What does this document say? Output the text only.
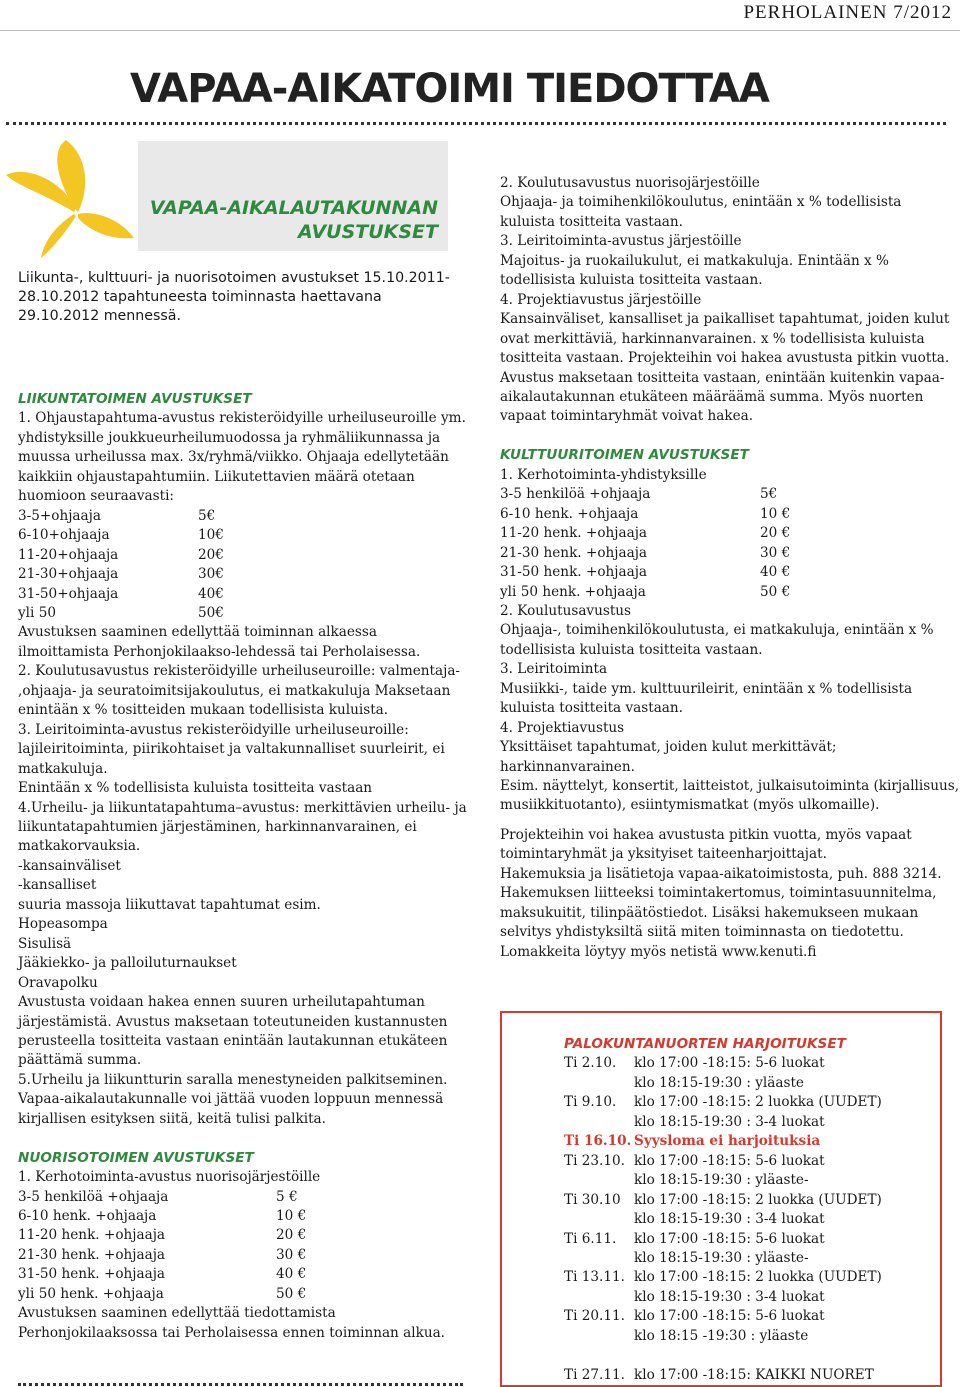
PERHOLAINEN 7/2012
VAPAA-AIKATOIMI TIEDOTTAA
VAPAA-AIKALAUTAKUNNAN
AVUSTUKSET
Liikunta-, kulttuuri- ja nuorisotoimen avustukset 15.10.2011-28.10.2012 tapahtuneesta toiminnasta haettavana 29.10.2012 mennessä.
LIIKUNTATOIMEN AVUSTUKSET

1. Ohjaustapahtuma-avustus rekisteröidyille urheiluseuroille ym. yhdistyksille joukkueurheilumuodossa ja ryhmäliikunnassa ja muussa urheilussa max. 3x/ryhmä/viikko. Ohjaaja edellytetään kaikkiin ohjaustapahtumiin. Liikutettavien määrä otetaan huomioon seuraavasti:

3-5+ohjaaja	5€
6-10+ohjaaja	10€
11-20+ohjaaja	20€
21-30+ohjaaja	30€
31-50+ohjaaja	40€
yli 50	50€

Avustuksen saaminen edellyttää toiminnan alkaessa ilmoittamista Perhonjokilaakso-lehdessä tai Perholaisessa.

2. Koulutusavustus rekisteröidyille urheiluseuroille: valmentaja- ,ohjaaja- ja seuratoimitsijakoulutus, ei matkakuluja Maksetaan enintään x % tositteiden mukaan todellisista kuluista.

3. Leiritoiminta-avustus rekisteröidyille urheiluseuroille: lajileiritoiminta, piirikohtaiset ja valtakunnalliset suurleirit, ei matkakuluja.

Enintään x % todellisista kuluista tositteita vastaan

4.Urheilu- ja liikuntatapahtuma–avustus: merkittävien urheilu- ja liikuntatapahtumien järjestäminen, harkinnanvarainen, ei matkakorvauksia.

-kansainväliset
-kansalliset
suuria massoja liikuttavat tapahtumat esim.
Hopeasompa
Sisulisä
Jääkiekko- ja palloiluturnaukset
Oravapolku

Avustusta voidaan hakea ennen suuren urheilutapahtuman järjestämistä. Avustus maksetaan toteutuneiden kustannusten perusteella tositteita vastaan enintään lautakunnan etukäteen päättämä summa.

5.Urheilu ja liikuntturin saralla menestyneiden palkitseminen. Vapaa-aikalautakunnalle voi jättää vuoden loppuun mennessä kirjallisen esityksen siitä, keitä tulisi palkita.

NUORISOTOIMEN AVUSTUKSET

1. Kerhotoiminta-avustus nuorisojärjestöille

3-5 henkilöä +ohjaaja	5 €
6-10 henk. +ohjaaja	10 €
11-20 henk. +ohjaaja	20 €
21-30 henk. +ohjaaja	30 €
31-50 henk. +ohjaaja	40 €
yli 50 henk. +ohjaaja	50 €

Avustuksen saaminen edellyttää tiedottamista Perhonjokilaaksossa tai Perholaisessa ennen toiminnan alkua.

2. Koulutusavustus nuorisojärjestöille
Ohjaaja- ja toimihenkilökoulutus, enintään x % todellisista kuluista tositteita vastaan.

3. Leiritoiminta-avustus järjestöille
Majoitus- ja ruokailukulut, ei matkakuluja. Enintään x % todellisista kuluista tositteita vastaan.

4. Projektiavustus järjestöille
Kansainväliset, kansalliset ja paikalliset tapahtumat, joiden kulut ovat merkittäviä, harkinnanvarainen. x % todellisista kuluista tositteita vastaan. Projekteihin voi hakea avustusta pitkin vuotta. Avustus maksetaan tositteita vastaan, enintään kuitenkin vapaa-aikalautakunnan etukäteen määräämä summa. Myös nuorten vapaat toimintaryhmät voivat hakea.

KULTTUURITOIMEN AVUSTUKSET

1. Kerhotoiminta-yhdistyksille

3-5 henkilöä +ohjaaja	5€
6-10 henk. +ohjaaja	10 €
11-20 henk. +ohjaaja	20 €
21-30 henk. +ohjaaja	30 €
31-50 henk. +ohjaaja	40 €
yli 50 henk. +ohjaaja	50 €

2. Koulutusavustus
Ohjaaja-, toimihenkilökoulutusta, ei matkakuluja, enintään x % todellisista kuluista tositteita vastaan.

3. Leiritoiminta
Musiikki-, taide ym. kulttuurileirit, enintään x % todellisista kuluista tositteita vastaan.

4. Projektiavustus
Yksittäiset tapahtumat, joiden kulut merkittävät; harkinnanvarainen.
Esim. näyttelyt, konsertit, laitteistot, julkaisutoiminta (kirjallisuus, musiikkituotanto), esiintymismatkat (myös ulkomaille).

Projekteihin voi hakea avustusta pitkin vuotta, myös vapaat toimintaryhmät ja yksityiset taiteenharjoittajat.
Hakemuksia ja lisätietoja vapaa-aikatoimistosta, puh. 888 3214.
Hakemuksen liitteeksi toimintakertomus, toimintasuunnitelma, maksukuitit, tilinpäätöstiedot. Lisäksi hakemukseen mukaan selvitys yhdistyksiltä siitä miten toiminnasta on tiedotettu. Lomakkeita löytyy myös netistä www.kenuti.fi

PALOKUNTANUORTEN HARJOITUKSET
Ti 2.10.	klo 17:00 -18:15: 5-6 luokat
klo 18:15-19:30 : yläaste
Ti 9.10.	klo 17:00 -18:15: 2 luokka (UUDET)
klo 18:15-19:30 : 3-4 luokat
Ti 16.10. Syysloma ei harjoituksia
Ti 23.10. klo 17:00 -18:15: 5-6 luokat
klo 18:15-19:30 : yläaste-
Ti 30.10 klo 17:00 -18:15: 2 luokka (UUDET)
klo 18:15-19:30 : 3-4 luokat
Ti 6.11.	klo 17:00 -18:15: 5-6 luokat
klo 18:15-19:30 : yläaste-
Ti 13.11. klo 17:00 -18:15: 2 luokka (UUDET)
klo 18:15-19:30 : 3-4 luokat
Ti 20.11. klo 17:00 -18:15: 5-6 luokat
klo 18:15 -19:30 : yläaste

Ti 27.11. klo 17:00 -18:15: KAIKKI NUORET
